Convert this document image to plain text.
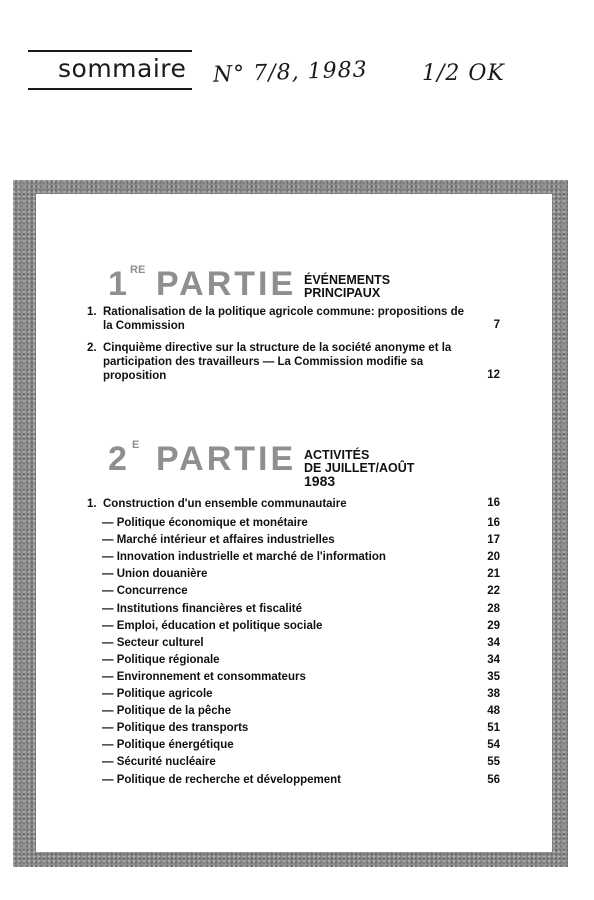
sommaire N° 7/8, 1983 1/2 OK
1 RE PARTIE ÉVÉNEMENTS
PRINCIPAUX
1. Rationalisation de la politique agricole commune: propositions de
la Commission	7
2. Cinquième directive sur la structure de la société anonyme et la
participation des travailleurs — La Commission modifie sa
proposition	12
2 E PARTIE ACTIVITÉS
DE JUILLET/AOÛT 1983
1. Construction d'un ensemble communautaire	16
— Politique économique et monétaire	16
— Marché intérieur et affaires industrielles	17
— Innovation industrielle et marché de l'information	20
— Union douanière	21
— Concurrence	22
— Institutions financières et fiscalité	28
— Emploi, éducation et politique sociale	29
— Secteur culturel	34
— Politique régionale	34
— Environnement et consommateurs	35
— Politique agricole	38
— Politique de la pêche	48
— Politique des transports	51
— Politique énergétique	54
— Sécurité nucléaire	55
— Politique de recherche et développement	56
